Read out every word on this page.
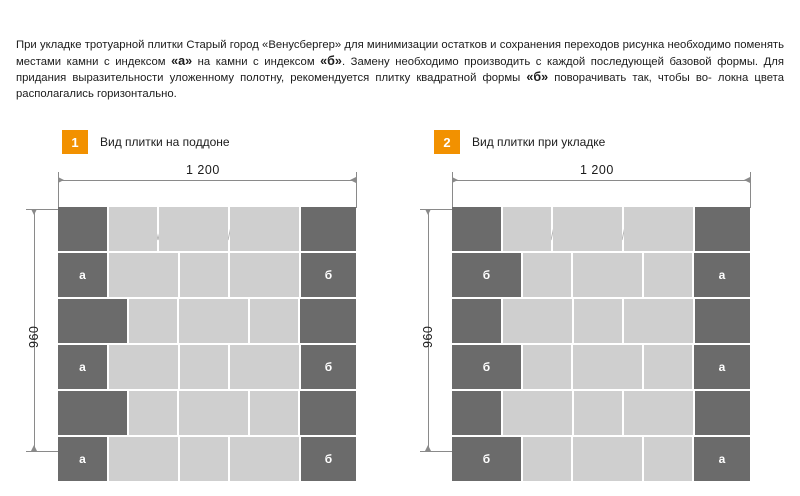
При укладке тротуарной плитки Старый город «Венусбергер» для минимизации остатков и сохранения переходов рисунка необходимо поменять местами камни с индексом «а» на камни с индексом «б». Замену необходимо производить с каждой последующей базовой формы. Для придания выразительности уложенному полотну, рекомендуется плитку квадратной формы «б» поворачивать так, чтобы во- локна цвета располагались горизонтально.
1	Вид плитки на поддоне	2	Вид плитки при укладке
1 200
960
а	б
а	б
а	б
1 200
960
б	а
б	а
б	а
